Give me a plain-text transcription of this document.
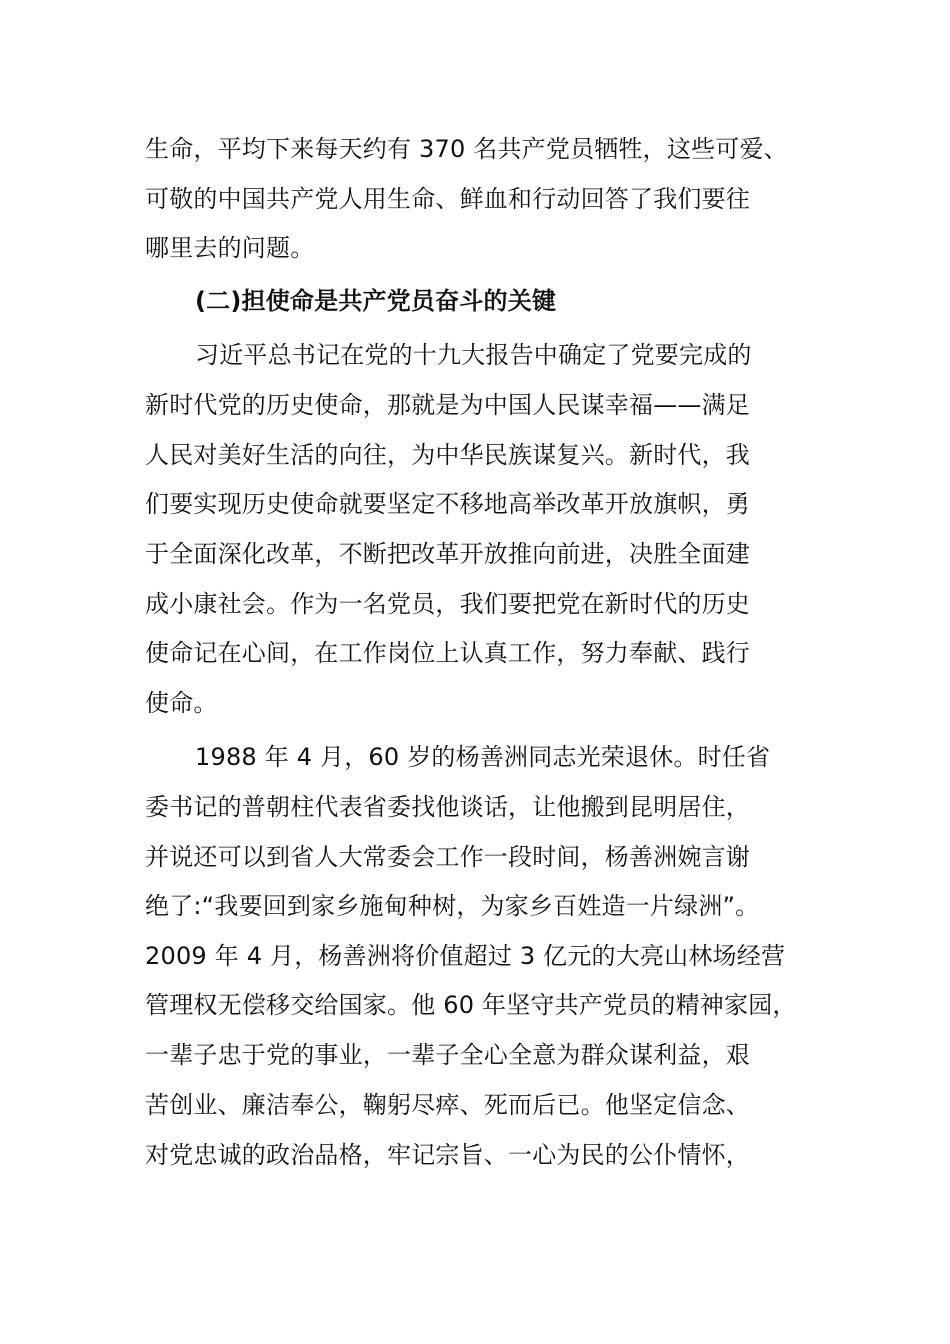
生命，平均下来每天约有 370 名共产党员牺牲，这些可爱、
可敬的中国共产党人用生命、鲜血和行动回答了我们要往
哪里去的问题。
(二)担使命是共产党员奋斗的关键
习近平总书记在党的十九大报告中确定了党要完成的
新时代党的历史使命，那就是为中国人民谋幸福——满足
人民对美好生活的向往，为中华民族谋复兴。新时代，我
们要实现历史使命就要坚定不移地高举改革开放旗帜，勇
于全面深化改革，不断把改革开放推向前进，决胜全面建
成小康社会。作为一名党员，我们要把党在新时代的历史
使命记在心间，在工作岗位上认真工作，努力奉献、践行
使命。
1988 年 4 月，60 岁的杨善洲同志光荣退休。时任省
委书记的普朝柱代表省委找他谈话，让他搬到昆明居住，
并说还可以到省人大常委会工作一段时间，杨善洲婉言谢
绝了:“我要回到家乡施甸种树，为家乡百姓造一片绿洲”。
2009 年 4 月，杨善洲将价值超过 3 亿元的大亮山林场经营
管理权无偿移交给国家。他 60 年坚守共产党员的精神家园，
一辈子忠于党的事业，一辈子全心全意为群众谋利益，艰
苦创业、廉洁奉公，鞠躬尽瘁、死而后已。他坚定信念、
对党忠诚的政治品格，牢记宗旨、一心为民的公仆情怀，
